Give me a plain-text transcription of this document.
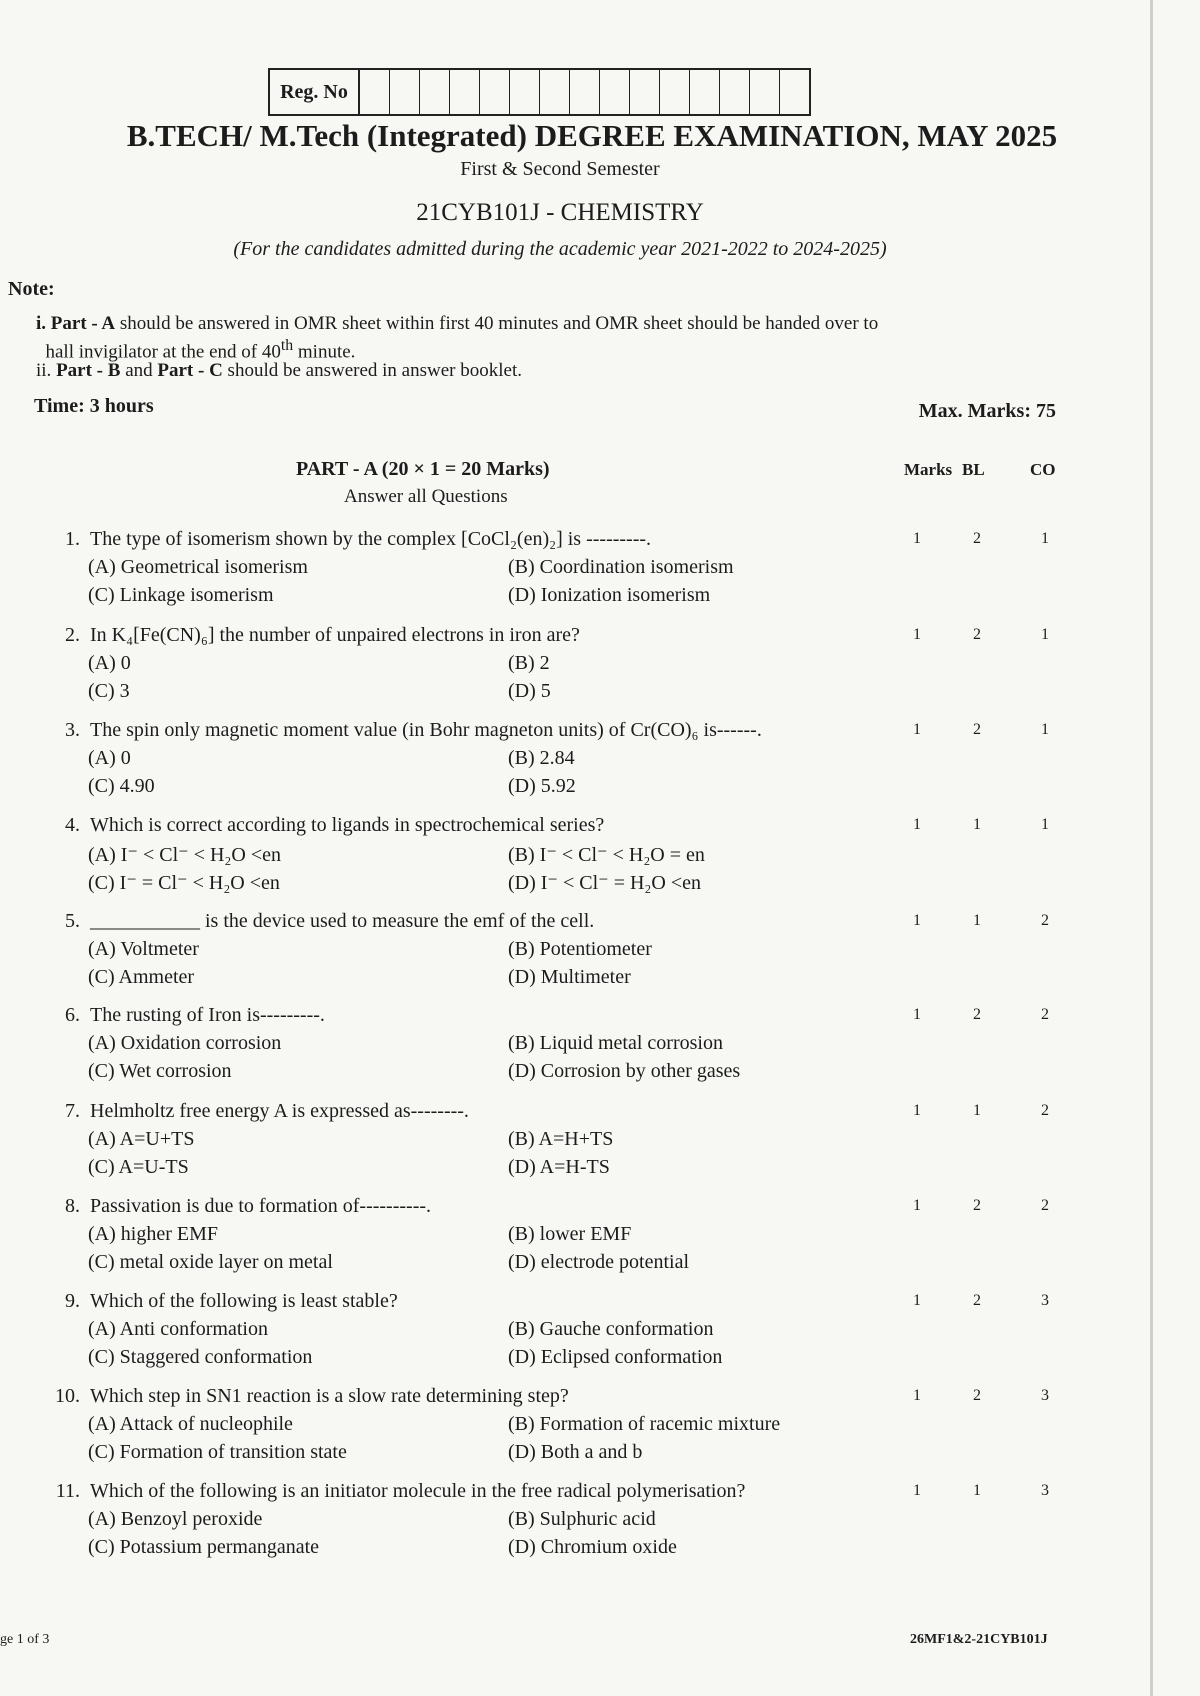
Reg. No
B.TECH/ M.Tech (Integrated) DEGREE EXAMINATION, MAY 2025
First & Second Semester
21CYB101J - CHEMISTRY
(For the candidates admitted during the academic year 2021-2022 to 2024-2025)
Note:
i. Part - A should be answered in OMR sheet within first 40 minutes and OMR sheet should be handed over to
hall invigilator at the end of 40th minute.
ii. Part - B and Part - C should be answered in answer booklet.
Time: 3 hours	Max. Marks: 75
PART - A (20 × 1 = 20 Marks)
Answer all Questions
Marks BL	CO
1. The type of isomerism shown by the complex [CoCl₂(en)₂] is ---------.
(A) Geometrical isomerism	(B) Coordination isomerism
(C) Linkage isomerism	(D) Ionization isomerism
1	2	1
2. In K₄[Fe(CN)₆] the number of unpaired electrons in iron are?
(A) 0	(B) 2
(C) 3	(D) 5
1	2	1
3. The spin only magnetic moment value (in Bohr magneton units) of Cr(CO)₆ is------.
(A) 0	(B) 2.84
(C) 4.90	(D) 5.92
1	2	1
4. Which is correct according to ligands in spectrochemical series?
(A) I⁻ < Cl⁻ < H₂O <en	(B) I⁻ < Cl⁻ < H₂O = en
(C) I⁻ = Cl⁻ < H₂O <en	(D) I⁻ < Cl⁻ = H₂O <en
1	1	1
5. ___________ is the device used to measure the emf of the cell.
(A) Voltmeter	(B) Potentiometer
(C) Ammeter	(D) Multimeter
1	1	2
6. The rusting of Iron is---------.
(A) Oxidation corrosion	(B) Liquid metal corrosion
(C) Wet corrosion	(D) Corrosion by other gases
1	2	2
7. Helmholtz free energy A is expressed as--------.
(A) A=U+TS	(B) A=H+TS
(C) A=U-TS	(D) A=H-TS
1	1	2
8. Passivation is due to formation of----------.
(A) higher EMF	(B) lower EMF
(C) metal oxide layer on metal	(D) electrode potential
1	2	2
9. Which of the following is least stable?
(A) Anti conformation	(B) Gauche conformation
(C) Staggered conformation	(D) Eclipsed conformation
1	2	3
10. Which step in SN1 reaction is a slow rate determining step?
(A) Attack of nucleophile	(B) Formation of racemic mixture
(C) Formation of transition state	(D) Both a and b
1	2	3
11. Which of the following is an initiator molecule in the free radical polymerisation?
(A) Benzoyl peroxide	(B) Sulphuric acid
(C) Potassium permanganate	(D) Chromium oxide
1	1	3
ge 1 of 3	26MF1&2-21CYB101J
